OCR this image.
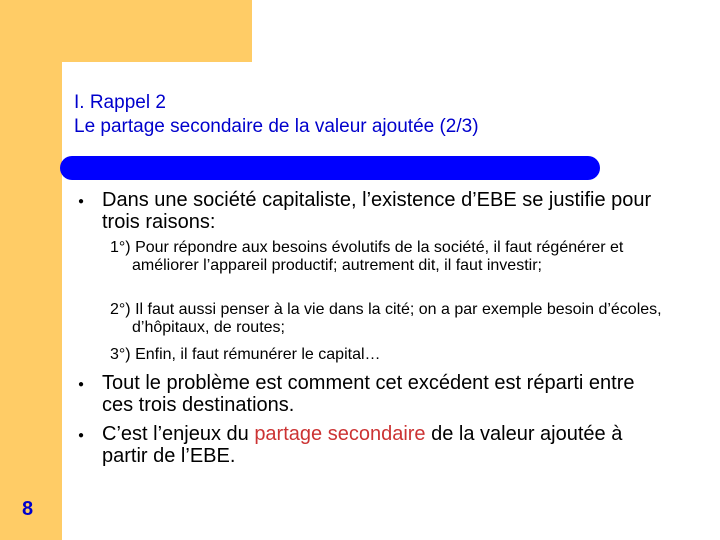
I. Rappel 2
Le partage secondaire de la valeur ajoutée (2/3)
● Dans une société capitaliste, l’existence d’EBE se justifie pour trois raisons:
1°) Pour répondre aux besoins évolutifs de la société, il faut régénérer et améliorer l’appareil productif; autrement dit, il faut investir;
2°) Il faut aussi penser à la vie dans la cité; on a par exemple besoin d’écoles, d’hôpitaux, de routes;
3°) Enfin, il faut rémunérer le capital…
● Tout le problème est comment cet excédent est réparti entre ces trois destinations.
● C’est l’enjeux du partage secondaire de la valeur ajoutée à partir de l’EBE.
8
